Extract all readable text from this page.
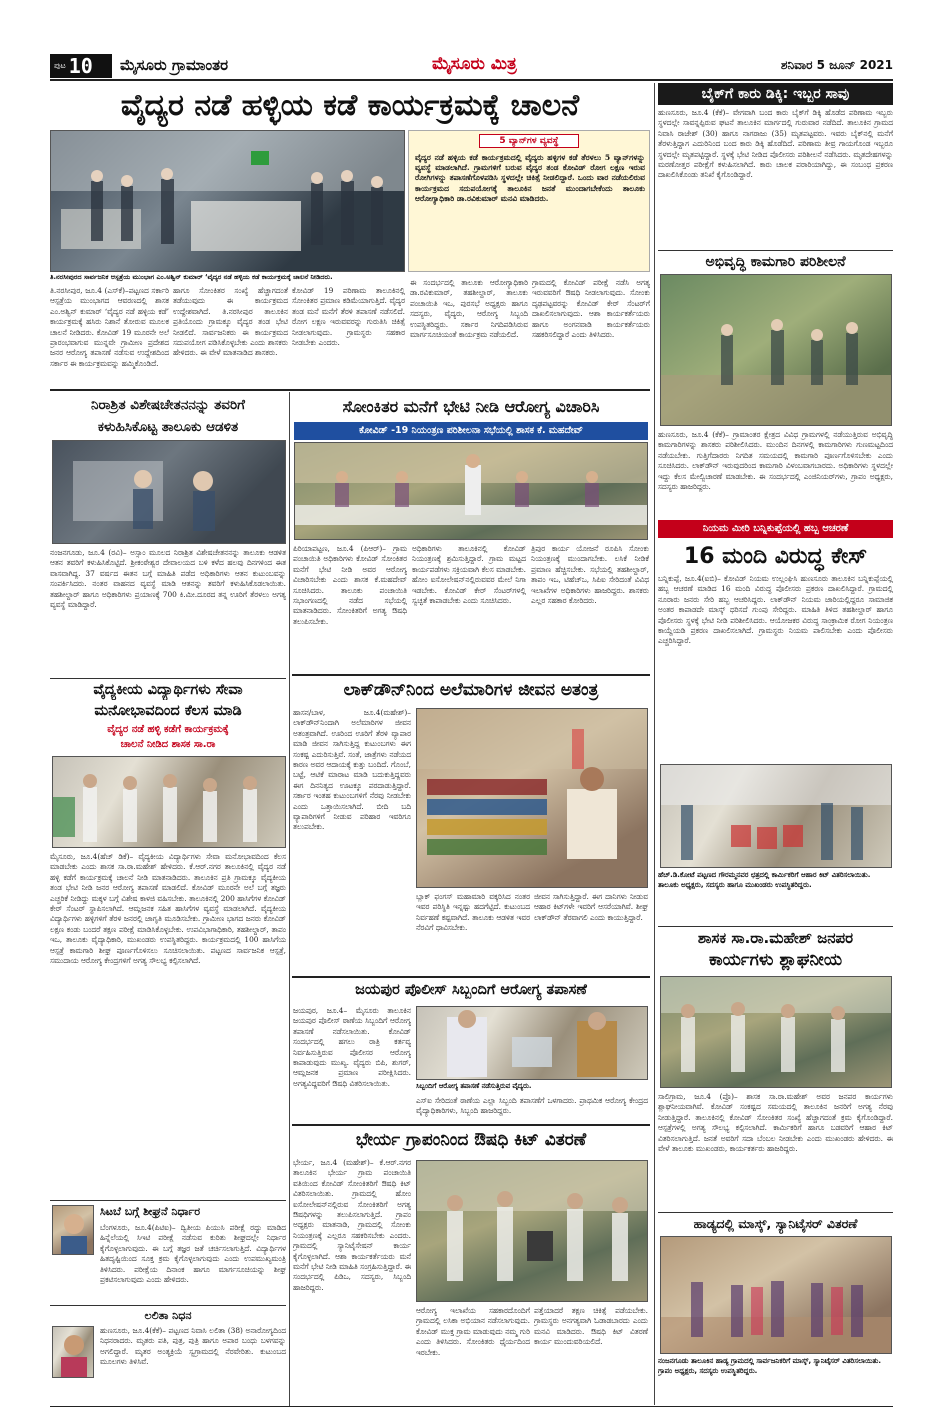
ಪುಟ 10 ಮೈಸೂರು ಗ್ರಾಮಾಂತರ	ಮೈಸೂರು ಮಿತ್ರ	ಶನಿವಾರ 5 ಜೂನ್ 2021
ವೈದ್ಯರ ನಡೆ ಹಳ್ಳಿಯ ಕಡೆ ಕಾರ್ಯಕ್ರಮಕ್ಕೆ ಚಾಲನೆ
5 ವ್ಯಾನ್‌ಗಳ ವ್ಯವಸ್ಥೆ
ವೈದ್ಯರ ನಡೆ ಹಳ್ಳಿಯ ಕಡೆ ಕಾರ್ಯಕ್ರಮದಲ್ಲಿ ವೈದ್ಯರು ಹಳ್ಳಿಗಳ ಕಡೆ ತೆರಳಲು 5 ವ್ಯಾನ್‌ಗಳನ್ನು ವ್ಯವಸ್ಥೆ ಮಾಡಲಾಗಿದೆ. ಗ್ರಾಮಗಳಿಗೆ ಬರುವ ವೈದ್ಯರ ತಂಡ ಕೋವಿಡ್ ರೋಗ ಲಕ್ಷಣ ಇರುವ ರೋಗಿಗಳನ್ನು ತಪಾಸಣೆಗೊಳಪಡಿಸಿ ಸ್ಥಳದಲ್ಲೇ ಚಿಕಿತ್ಸೆ ನೀಡಲಿದ್ದಾರೆ. ಒಂದು ವಾರ ನಡೆಯಲಿರುವ ಕಾರ್ಯಕ್ರಮದ ಸದುಪಯೋಗಕ್ಕೆ ತಾಲೂಕಿನ ಜನತೆ ಮುಂದಾಗಬೇಕೆಂದು ತಾಲೂಕು ಆರೋಗ್ಯಾಧಿಕಾರಿ ಡಾ.ರವಿಕುಮಾರ್ ಮನವಿ ಮಾಡಿದರು.
ತಿ.ನರಸೀಪುರದ ಸಾರ್ವಜನಿಕ ಆಸ್ಪತ್ರೆಯ ಮುಂಭಾಗ ಎಂ.ಅಶ್ವಿನ್ ಕುಮಾರ್ ‘ವೈದ್ಯರ ನಡೆ ಹಳ್ಳಿಯ ಕಡೆ ಕಾರ್ಯಕ್ರಮಕ್ಕೆ ಚಾಲನೆ ನೀಡಿದರು.
ತಿ.ನರಸೀಪುರ, ಜೂ.4 (ಎಸ್‌ಕೆ)–ಪಟ್ಟಣದ ಸರ್ಕಾರಿ ಆಸ್ಪತ್ರೆಯ ಮುಂಭಾಗದ ಆವರಣದಲ್ಲಿ ಶಾಸಕ ಎಂ.ಅಶ್ವಿನ್ ಕುಮಾರ್ ‘ವೈದ್ಯರ ನಡೆ ಹಳ್ಳಿಯ ಕಡೆ’ ಕಾರ್ಯಕ್ರಮಕ್ಕೆ ಹಸಿರು ನಿಶಾನೆ ತೋರುವ ಮೂಲಕ ಚಾಲನೆ ನೀಡಿದರು. ಕೋವಿಡ್ 19 ಮೂರನೇ ಅಲೆ ಪ್ರಾರಂಭವಾಗುವ ಮುನ್ನವೇ ಗ್ರಾಮೀಣ ಪ್ರದೇಶದ ಜನರ ಆರೋಗ್ಯ ತಪಾಸಣೆ ನಡೆಸುವ ಉದ್ದೇಶದಿಂದ ಸರ್ಕಾರ ಈ ಕಾರ್ಯಕ್ರಮವನ್ನು ಹಮ್ಮಿಕೊಂಡಿದೆ.
ಹಾಗೂ ಸೋಂಕಿತರ ಸಂಖ್ಯೆ ಹೆಚ್ಚಾಗದಂತೆ ತಡೆಯುವುದು ಈ ಕಾರ್ಯಕ್ರಮದ ಉದ್ದೇಶವಾಗಿದೆ. ತಿ.ನರಸೀಪುರ ತಾಲೂಕಿನ ಪ್ರತಿಯೊಂದು ಗ್ರಾಮಕ್ಕೂ ವೈದ್ಯರ ತಂಡ ಭೇಟಿ ನೀಡಲಿದೆ. ಸಾರ್ವಜನಿಕರು ಈ ಕಾರ್ಯಕ್ರಮದ ಸದುಪಯೋಗ ಪಡಿಸಿಕೊಳ್ಳಬೇಕು ಎಂದು ಶಾಸಕರು ಹೇಳಿದರು. ಈ ವೇಳೆ ಮಾತನಾಡಿದ ಶಾಸಕರು.
ಕೋವಿಡ್ 19 ಪರಿಣಾಮ ತಾಲೂಕಿನಲ್ಲಿ ಸೋಂಕಿತರ ಪ್ರಮಾಣ ಕಡಿಮೆಯಾಗುತ್ತಿದೆ. ವೈದ್ಯರ ತಂಡ ಮನೆ ಮನೆಗೆ ತೆರಳಿ ತಪಾಸಣೆ ನಡೆಸಲಿದೆ. ರೋಗ ಲಕ್ಷಣ ಇರುವವರನ್ನು ಗುರುತಿಸಿ ಚಿಕಿತ್ಸೆ ನೀಡಲಾಗುವುದು. ಗ್ರಾಮಸ್ಥರು ಸಹಕಾರ ನೀಡಬೇಕು ಎಂದರು.
ಈ ಸಂದರ್ಭದಲ್ಲಿ ತಾಲೂಕು ಆರೋಗ್ಯಾಧಿಕಾರಿ ಡಾ.ರವಿಕುಮಾರ್, ತಹಶೀಲ್ದಾರ್, ತಾಲೂಕು ಪಂಚಾಯಿತಿ ಇಒ, ಪುರಸಭೆ ಅಧ್ಯಕ್ಷರು ಹಾಗೂ ಸದಸ್ಯರು, ವೈದ್ಯರು, ಆರೋಗ್ಯ ಸಿಬ್ಬಂದಿ ಉಪಸ್ಥಿತರಿದ್ದರು. ಸರ್ಕಾರ ನಿಗದಿಪಡಿಸಿರುವ ಮಾರ್ಗಸೂಚಿಯಂತೆ ಕಾರ್ಯಕ್ರಮ ನಡೆಯಲಿದೆ.
ಗ್ರಾಮದಲ್ಲಿ ಕೋವಿಡ್ ಪರೀಕ್ಷೆ ನಡೆಸಿ ಅಗತ್ಯ ಇರುವವರಿಗೆ ಔಷಧಿ ನೀಡಲಾಗುವುದು. ಸೋಂಕು ದೃಢಪಟ್ಟವರನ್ನು ಕೋವಿಡ್ ಕೇರ್ ಸೆಂಟರ್‌ಗೆ ದಾಖಲಿಸಲಾಗುವುದು. ಆಶಾ ಕಾರ್ಯಕರ್ತೆಯರು ಹಾಗೂ ಅಂಗನವಾಡಿ ಕಾರ್ಯಕರ್ತೆಯರು ಸಹಕರಿಸಲಿದ್ದಾರೆ ಎಂದು ತಿಳಿಸಿದರು.
ಬೈಕ್‌ಗೆ ಕಾರು ಡಿಕ್ಕಿ: ಇಬ್ಬರ ಸಾವು
ಹುಣಸೂರು, ಜೂ.4 (ಕೆಕೆ)– ವೇಗವಾಗಿ ಬಂದ ಕಾರು ಬೈಕ್‌ಗೆ ಡಿಕ್ಕಿ ಹೊಡೆದ ಪರಿಣಾಮ ಇಬ್ಬರು ಸ್ಥಳದಲ್ಲೇ ಸಾವನ್ನಪ್ಪಿರುವ ಘಟನೆ ತಾಲೂಕಿನ ಮಾರ್ಗದಲ್ಲಿ ಗುರುವಾರ ನಡೆದಿದೆ. ತಾಲೂಕಿನ ಗ್ರಾಮದ ನಿವಾಸಿ ರಾಜೇಶ್ (30) ಹಾಗೂ ನಾಗರಾಜು (35) ಮೃತಪಟ್ಟವರು. ಇವರು ಬೈಕ್‌ನಲ್ಲಿ ಮನೆಗೆ ತೆರಳುತ್ತಿದ್ದಾಗ ಎದುರಿನಿಂದ ಬಂದ ಕಾರು ಡಿಕ್ಕಿ ಹೊಡೆದಿದೆ. ಪರಿಣಾಮ ತೀವ್ರ ಗಾಯಗೊಂಡ ಇಬ್ಬರೂ ಸ್ಥಳದಲ್ಲೇ ಮೃತಪಟ್ಟಿದ್ದಾರೆ. ಸ್ಥಳಕ್ಕೆ ಭೇಟಿ ನೀಡಿದ ಪೊಲೀಸರು ಪರಿಶೀಲನೆ ನಡೆಸಿದರು. ಮೃತದೇಹಗಳನ್ನು ಮರಣೋತ್ತರ ಪರೀಕ್ಷೆಗೆ ಕಳುಹಿಸಲಾಗಿದೆ. ಕಾರು ಚಾಲಕ ಪರಾರಿಯಾಗಿದ್ದು, ಈ ಸಂಬಂಧ ಪ್ರಕರಣ ದಾಖಲಿಸಿಕೊಂಡು ತನಿಖೆ ಕೈಗೊಂಡಿದ್ದಾರೆ.
ಅಭಿವೃದ್ಧಿ ಕಾಮಗಾರಿ ಪರಿಶೀಲನೆ
ಹುಣಸೂರು, ಜೂ.4 (ಕೆಕೆ)– ಗ್ರಾಮಾಂತರ ಕ್ಷೇತ್ರದ ವಿವಿಧ ಗ್ರಾಮಗಳಲ್ಲಿ ನಡೆಯುತ್ತಿರುವ ಅಭಿವೃದ್ಧಿ ಕಾಮಗಾರಿಗಳನ್ನು ಶಾಸಕರು ಪರಿಶೀಲಿಸಿದರು. ಮುಂದಿನ ದಿನಗಳಲ್ಲಿ ಕಾಮಗಾರಿಗಳು ಗುಣಮಟ್ಟದಿಂದ ನಡೆಯಬೇಕು. ಗುತ್ತಿಗೆದಾರರು ನಿಗದಿತ ಸಮಯದಲ್ಲಿ ಕಾಮಗಾರಿ ಪೂರ್ಣಗೊಳಿಸಬೇಕು ಎಂದು ಸೂಚಿಸಿದರು. ಲಾಕ್‌ಡೌನ್ ಇರುವುದರಿಂದ ಕಾಮಗಾರಿ ವಿಳಂಬವಾಗಬಾರದು. ಅಧಿಕಾರಿಗಳು ಸ್ಥಳದಲ್ಲೇ ಇದ್ದು ಕೆಲಸ ಮೇಲ್ವಿಚಾರಣೆ ಮಾಡಬೇಕು. ಈ ಸಂದರ್ಭದಲ್ಲಿ ಎಂಜಿನಿಯರ್‌ಗಳು, ಗ್ರಾಪಂ ಅಧ್ಯಕ್ಷರು, ಸದಸ್ಯರು ಹಾಜರಿದ್ದರು.
ನಿಯಮ ಮೀರಿ ಬನ್ನಿಕುಪ್ಪೆಯಲ್ಲಿ ಹಬ್ಬ ಆಚರಣೆ
16 ಮಂದಿ ವಿರುದ್ಧ ಕೇಸ್
ಬನ್ನಿಕುಪ್ಪೆ, ಜೂ.4(ಐಬಿ)– ಕೋವಿಡ್ ನಿಯಮ ಉಲ್ಲಂಘಿಸಿ ಹುಣಸೂರು ತಾಲೂಕಿನ ಬನ್ನಿಕುಪ್ಪೆಯಲ್ಲಿ ಹಬ್ಬ ಆಚರಣೆ ಮಾಡಿದ 16 ಮಂದಿ ವಿರುದ್ಧ ಪೊಲೀಸರು ಪ್ರಕರಣ ದಾಖಲಿಸಿದ್ದಾರೆ. ಗ್ರಾಮದಲ್ಲಿ ನೂರಾರು ಜನರು ಸೇರಿ ಹಬ್ಬ ಆಚರಿಸಿದ್ದರು. ಲಾಕ್‌ಡೌನ್ ನಿಯಮ ಜಾರಿಯಲ್ಲಿದ್ದರೂ ಸಾಮಾಜಿಕ ಅಂತರ ಕಾಪಾಡದೇ ಮಾಸ್ಕ್ ಧರಿಸದೆ ಗುಂಪು ಸೇರಿದ್ದರು. ಮಾಹಿತಿ ತಿಳಿದ ತಹಶೀಲ್ದಾರ್ ಹಾಗೂ ಪೊಲೀಸರು ಸ್ಥಳಕ್ಕೆ ಭೇಟಿ ನೀಡಿ ಪರಿಶೀಲಿಸಿದರು. ಆಯೋಜಕರ ವಿರುದ್ಧ ಸಾಂಕ್ರಾಮಿಕ ರೋಗ ನಿಯಂತ್ರಣ ಕಾಯ್ದೆಯಡಿ ಪ್ರಕರಣ ದಾಖಲಿಸಲಾಗಿದೆ. ಗ್ರಾಮಸ್ಥರು ನಿಯಮ ಪಾಲಿಸಬೇಕು ಎಂದು ಪೊಲೀಸರು ಎಚ್ಚರಿಸಿದ್ದಾರೆ.
ಹೆಚ್.ಡಿ.ಕೋಟೆ ಪಟ್ಟಣದ ಗೌರಮ್ಮನವರ ಛತ್ರದಲ್ಲಿ ಕಾರ್ಮಿಕರಿಗೆ ಆಹಾರ ಕಿಟ್ ವಿತರಿಸಲಾಯಿತು. ತಾಲೂಕು ಅಧ್ಯಕ್ಷರು, ಸದಸ್ಯರು ಹಾಗೂ ಮುಖಂಡರು ಉಪಸ್ಥಿತರಿದ್ದರು.
ಶಾಸಕ ಸಾ.ರಾ.ಮಹೇಶ್ ಜನಪರ
ಕಾರ್ಯಗಳು ಶ್ಲಾಘನೀಯ
ಸಾಲಿಗ್ರಾಮ, ಜೂ.4 (ಪ್ರೊ)– ಶಾಸಕ ಸಾ.ರಾ.ಮಹೇಶ್ ಅವರ ಜನಪರ ಕಾರ್ಯಗಳು ಶ್ಲಾಘನೀಯವಾಗಿವೆ. ಕೋವಿಡ್ ಸಂಕಷ್ಟದ ಸಮಯದಲ್ಲಿ ತಾಲೂಕಿನ ಜನರಿಗೆ ಅಗತ್ಯ ನೆರವು ನೀಡುತ್ತಿದ್ದಾರೆ. ತಾಲೂಕಿನಲ್ಲಿ ಕೋವಿಡ್ ಸೋಂಕಿತರ ಸಂಖ್ಯೆ ಹೆಚ್ಚಾಗದಂತೆ ಕ್ರಮ ಕೈಗೊಂಡಿದ್ದಾರೆ. ಆಸ್ಪತ್ರೆಗಳಲ್ಲಿ ಅಗತ್ಯ ಸೌಲಭ್ಯ ಕಲ್ಪಿಸಲಾಗಿದೆ. ಕಾರ್ಮಿಕರಿಗೆ ಹಾಗೂ ಬಡವರಿಗೆ ಆಹಾರ ಕಿಟ್ ವಿತರಿಸಲಾಗುತ್ತಿದೆ. ಜನತೆ ಅವರಿಗೆ ಸದಾ ಬೆಂಬಲ ನೀಡಬೇಕು ಎಂದು ಮುಖಂಡರು ಹೇಳಿದರು. ಈ ವೇಳೆ ತಾಲೂಕು ಮುಖಂಡರು, ಕಾರ್ಯಕರ್ತರು ಹಾಜರಿದ್ದರು.
ಹಾಡ್ಯದಲ್ಲಿ ಮಾಸ್ಕ್, ಸ್ಯಾನಿಟೈಸರ್ ವಿತರಣೆ
ನಂಜನಗೂಡು ತಾಲೂಕಿನ ಹಾಡ್ಯ ಗ್ರಾಮದಲ್ಲಿ ಸಾರ್ವಜನಿಕರಿಗೆ ಮಾಸ್ಕ್, ಸ್ಯಾನಿಟೈಸರ್ ವಿತರಿಸಲಾಯಿತು. ಗ್ರಾಪಂ ಅಧ್ಯಕ್ಷರು, ಸದಸ್ಯರು ಉಪಸ್ಥಿತರಿದ್ದರು.
ನಿರಾಶ್ರಿತ ವಿಶೇಷಚೇತನನನ್ನು ತವರಿಗೆ
ಕಳುಹಿಸಿಕೊಟ್ಟ ತಾಲೂಕು ಆಡಳಿತ
ನಂಜನಗೂಡು, ಜೂ.4 (ರವಿ)– ಅಸ್ಸಾಂ ಮೂಲದ ನಿರಾಶ್ರಿತ ವಿಶೇಷಚೇತನನನ್ನು ತಾಲೂಕು ಆಡಳಿತ ಆತನ ತವರಿಗೆ ಕಳುಹಿಸಿಕೊಟ್ಟಿದೆ. ಶ್ರೀಕಂಠೇಶ್ವರ ದೇವಾಲಯದ ಬಳಿ ಕಳೆದ ಹಲವು ದಿನಗಳಿಂದ ಈತ ವಾಸವಾಗಿದ್ದ. 37 ವರ್ಷದ ಈತನ ಬಗ್ಗೆ ಮಾಹಿತಿ ಪಡೆದ ಅಧಿಕಾರಿಗಳು ಆತನ ಕುಟುಂಬವನ್ನು ಸಂಪರ್ಕಿಸಿದರು. ನಂತರ ವಾಹನದ ವ್ಯವಸ್ಥೆ ಮಾಡಿ ಆತನನ್ನು ತವರಿಗೆ ಕಳುಹಿಸಿಕೊಡಲಾಯಿತು. ತಹಶೀಲ್ದಾರ್ ಹಾಗೂ ಅಧಿಕಾರಿಗಳು ಪ್ರಯಾಣಕ್ಕೆ 700 ಕಿ.ಮೀ.ದೂರದ ತನ್ನ ಊರಿಗೆ ತೆರಳಲು ಅಗತ್ಯ ವ್ಯವಸ್ಥೆ ಮಾಡಿದ್ದಾರೆ.
ವೈದ್ಯಕೀಯ ವಿದ್ಯಾರ್ಥಿಗಳು ಸೇವಾ
ಮನೋಭಾವದಿಂದ ಕೆಲಸ ಮಾಡಿ
ವೈದ್ಯರ ನಡೆ ಹಳ್ಳಿ ಕಡೆಗೆ ಕಾರ್ಯಕ್ರಮಕ್ಕೆ
ಚಾಲನೆ ನೀಡಿದ ಶಾಸಕ ಸಾ.ರಾ
ಮೈಸೂರು, ಜೂ.4(ಹೆಚ್ ಡಿಕೆ)– ವೈದ್ಯಕೀಯ ವಿದ್ಯಾರ್ಥಿಗಳು ಸೇವಾ ಮನೋಭಾವದಿಂದ ಕೆಲಸ ಮಾಡಬೇಕು ಎಂದು ಶಾಸಕ ಸಾ.ರಾ.ಮಹೇಶ್ ಹೇಳಿದರು. ಕೆ.ಆರ್.ನಗರ ತಾಲೂಕಿನಲ್ಲಿ ವೈದ್ಯರ ನಡೆ ಹಳ್ಳಿ ಕಡೆಗೆ ಕಾರ್ಯಕ್ರಮಕ್ಕೆ ಚಾಲನೆ ನೀಡಿ ಮಾತನಾಡಿದರು. ತಾಲೂಕಿನ ಪ್ರತಿ ಗ್ರಾಮಕ್ಕೂ ವೈದ್ಯಕೀಯ ತಂಡ ಭೇಟಿ ನೀಡಿ ಜನರ ಆರೋಗ್ಯ ತಪಾಸಣೆ ಮಾಡಲಿದೆ. ಕೋವಿಡ್ ಮೂರನೇ ಅಲೆ ಬಗ್ಗೆ ತಜ್ಞರು ಎಚ್ಚರಿಕೆ ನೀಡಿದ್ದು ಮಕ್ಕಳ ಬಗ್ಗೆ ವಿಶೇಷ ಕಾಳಜಿ ವಹಿಸಬೇಕು. ತಾಲೂಕಿನಲ್ಲಿ 200 ಹಾಸಿಗೆಗಳ ಕೋವಿಡ್ ಕೇರ್ ಸೆಂಟರ್ ಸ್ಥಾಪಿಸಲಾಗಿದೆ. ಆಮ್ಲಜನಕ ಸಹಿತ ಹಾಸಿಗೆಗಳ ವ್ಯವಸ್ಥೆ ಮಾಡಲಾಗಿದೆ. ವೈದ್ಯಕೀಯ ವಿದ್ಯಾರ್ಥಿಗಳು ಹಳ್ಳಿಗಳಿಗೆ ತೆರಳಿ ಜನರಲ್ಲಿ ಜಾಗೃತಿ ಮೂಡಿಸಬೇಕು. ಗ್ರಾಮೀಣ ಭಾಗದ ಜನರು ಕೋವಿಡ್ ಲಕ್ಷಣ ಕಂಡು ಬಂದರೆ ತಕ್ಷಣ ಪರೀಕ್ಷೆ ಮಾಡಿಸಿಕೊಳ್ಳಬೇಕು. ಉಪವಿಭಾಗಾಧಿಕಾರಿ, ತಹಶೀಲ್ದಾರ್, ತಾಪಂ ಇಒ, ತಾಲೂಕು ವೈದ್ಯಾಧಿಕಾರಿ, ಮುಖಂಡರು ಉಪಸ್ಥಿತರಿದ್ದರು. ಕಾರ್ಯಕ್ರಮದಲ್ಲಿ 100 ಹಾಸಿಗೆಯ ಆಸ್ಪತ್ರೆ ಕಾಮಗಾರಿ ಶೀಘ್ರ ಪೂರ್ಣಗೊಳಿಸಲು ಸೂಚಿಸಲಾಯಿತು. ಪಟ್ಟಣದ ಸಾರ್ವಜನಿಕ ಆಸ್ಪತ್ರೆ, ಸಮುದಾಯ ಆರೋಗ್ಯ ಕೇಂದ್ರಗಳಿಗೆ ಅಗತ್ಯ ಸೌಲಭ್ಯ ಕಲ್ಪಿಸಲಾಗಿದೆ.
ಸಿಟಬೆ ಬಗ್ಗೆ ಶೀಘ್ರನೆ ನಿರ್ಧಾರ
ಬೆಂಗಳೂರು, ಜೂ.4(ಪಿಟಿಐ)– ದ್ವಿತೀಯ ಪಿಯುಸಿ ಪರೀಕ್ಷೆ ರದ್ದು ಮಾಡಿದ ಹಿನ್ನೆಲೆಯಲ್ಲಿ ಸಿಇಟಿ ಪರೀಕ್ಷೆ ನಡೆಸುವ ಕುರಿತು ಶೀಘ್ರದಲ್ಲೇ ನಿರ್ಧಾರ ಕೈಗೊಳ್ಳಲಾಗುವುದು. ಈ ಬಗ್ಗೆ ತಜ್ಞರ ಜತೆ ಚರ್ಚಿಸಲಾಗುತ್ತಿದೆ. ವಿದ್ಯಾರ್ಥಿಗಳ ಹಿತದೃಷ್ಟಿಯಿಂದ ಸೂಕ್ತ ಕ್ರಮ ಕೈಗೊಳ್ಳಲಾಗುವುದು ಎಂದು ಉಪಮುಖ್ಯಮಂತ್ರಿ ತಿಳಿಸಿದರು. ಪರೀಕ್ಷೆಯ ದಿನಾಂಕ ಹಾಗೂ ಮಾರ್ಗಸೂಚಿಯನ್ನು ಶೀಘ್ರ ಪ್ರಕಟಿಸಲಾಗುವುದು ಎಂದು ಹೇಳಿದರು.
ಲಲಿತಾ ನಿಧನ
ಹುಣಸೂರು, ಜೂ.4(ಕೆಕೆ)– ಪಟ್ಟಣದ ನಿವಾಸಿ ಲಲಿತಾ (38) ಅನಾರೋಗ್ಯದಿಂದ ನಿಧನರಾದರು. ಮೃತರು ಪತಿ, ಪುತ್ರ, ಪುತ್ರಿ ಹಾಗೂ ಅಪಾರ ಬಂಧು ಬಳಗವನ್ನು ಅಗಲಿದ್ದಾರೆ. ಮೃತರ ಅಂತ್ಯಕ್ರಿಯೆ ಸ್ವಗ್ರಾಮದಲ್ಲಿ ನೆರವೇರಿತು. ಕುಟುಂಬದ ಮೂಲಗಳು ತಿಳಿಸಿವೆ.
ಸೋಂಕಿತರ ಮನೆಗೆ ಭೇಟಿ ನೀಡಿ ಆರೋಗ್ಯ ವಿಚಾರಿಸಿ
ಕೋವಿಡ್ -19 ನಿಯಂತ್ರಣ ಪರಿಶೀಲನಾ ಸಭೆಯಲ್ಲಿ ಶಾಸಕ ಕೆ. ಮಹದೇವ್
ಪಿರಿಯಾಪಟ್ಟಣ, ಜೂ.4 (ಪಿಆರ್)– ಗ್ರಾಮ ಪಂಚಾಯಿತಿ ಅಧಿಕಾರಿಗಳು ಕೋವಿಡ್ ಸೋಂಕಿತರ ಮನೆಗೆ ಭೇಟಿ ನೀಡಿ ಅವರ ಆರೋಗ್ಯ ವಿಚಾರಿಸಬೇಕು ಎಂದು ಶಾಸಕ ಕೆ.ಮಹದೇವ್ ಸೂಚಿಸಿದರು. ತಾಲೂಕು ಪಂಚಾಯಿತಿ ಸಭಾಂಗಣದಲ್ಲಿ ನಡೆದ ಸಭೆಯಲ್ಲಿ ಮಾತನಾಡಿದರು. ಸೋಂಕಿತರಿಗೆ ಅಗತ್ಯ ಔಷಧಿ ತಲುಪಿಸಬೇಕು.
ಅಧಿಕಾರಿಗಳು ತಾಲೂಕಿನಲ್ಲಿ ಕೋವಿಡ್ ನಿಯಂತ್ರಣಕ್ಕೆ ಶ್ರಮಿಸುತ್ತಿದ್ದಾರೆ. ಗ್ರಾಮ ಮಟ್ಟದ ಕಾರ್ಯಪಡೆಗಳು ಸಕ್ರಿಯವಾಗಿ ಕೆಲಸ ಮಾಡಬೇಕು. ಹೋಂ ಐಸೋಲೇಷನ್‌ನಲ್ಲಿರುವವರ ಮೇಲೆ ನಿಗಾ ಇಡಬೇಕು. ಕೋವಿಡ್ ಕೇರ್ ಸೆಂಟರ್‌ಗಳಲ್ಲಿ ಸ್ವಚ್ಛತೆ ಕಾಪಾಡಬೇಕು ಎಂದು ಸೂಚಿಸಿದರು.
ತ್ರಿಪುರ ಕಾರ್ಯ ಯೋಜನೆ ರೂಪಿಸಿ ಸೋಂಕು ನಿಯಂತ್ರಣಕ್ಕೆ ಮುಂದಾಗಬೇಕು. ಲಸಿಕೆ ನೀಡಿಕೆ ಪ್ರಮಾಣ ಹೆಚ್ಚಿಸಬೇಕು. ಸಭೆಯಲ್ಲಿ ತಹಶೀಲ್ದಾರ್, ತಾಪಂ ಇಒ, ಟಿಹೆಚ್‌ಒ, ಸಿಪಿಐ ಸೇರಿದಂತೆ ವಿವಿಧ ಇಲಾಖೆಗಳ ಅಧಿಕಾರಿಗಳು ಹಾಜರಿದ್ದರು. ಶಾಸಕರು ಎಲ್ಲರ ಸಹಕಾರ ಕೋರಿದರು.
ಲಾಕ್‌ಡೌನ್‌ನಿಂದ ಅಲೆಮಾರಿಗಳ ಜೀವನ ಅತಂತ್ರ
ಹಾಸನ/ಬಾಳ, ಜೂ.4(ಮಹೇಶ್)– ಲಾಕ್‌ಡೌನ್‌ನಿಂದಾಗಿ ಅಲೆಮಾರಿಗಳ ಜೀವನ ಅತಂತ್ರವಾಗಿದೆ. ಊರಿಂದ ಊರಿಗೆ ತೆರಳಿ ವ್ಯಾಪಾರ ಮಾಡಿ ಜೀವನ ಸಾಗಿಸುತ್ತಿದ್ದ ಕುಟುಂಬಗಳು ಈಗ ಸಂಕಷ್ಟ ಎದುರಿಸುತ್ತಿವೆ. ಸಂತೆ, ಜಾತ್ರೆಗಳು ನಡೆಯದ ಕಾರಣ ಅವರ ಆದಾಯಕ್ಕೆ ಕುತ್ತು ಬಂದಿದೆ. ಗೊಂಬೆ, ಬಟ್ಟೆ, ಆಟಿಕೆ ಮಾರಾಟ ಮಾಡಿ ಬದುಕುತ್ತಿದ್ದವರು ಈಗ ದಿನನಿತ್ಯದ ಊಟಕ್ಕೂ ಪರದಾಡುತ್ತಿದ್ದಾರೆ. ಸರ್ಕಾರ ಇಂತಹ ಕುಟುಂಬಗಳಿಗೆ ನೆರವು ನೀಡಬೇಕು ಎಂದು ಒತ್ತಾಯಿಸಲಾಗಿದೆ. ಬೀದಿ ಬದಿ ವ್ಯಾಪಾರಿಗಳಿಗೆ ನೀಡುವ ಪರಿಹಾರ ಇವರಿಗೂ ತಲುಪಬೇಕು.
ಬ್ಲಾಕ್ ಫಂಗಸ್ ಮಹಾಮಾರಿ ವಕ್ಕರಿಸಿದ ನಂತರ ಇವರ ಪರಿಸ್ಥಿತಿ ಇನ್ನಷ್ಟು ಹದಗೆಟ್ಟಿದೆ. ಕುಟುಂಬದ ನಿರ್ವಹಣೆ ಕಷ್ಟವಾಗಿದೆ. ತಾಲೂಕು ಆಡಳಿತ ಇವರ ನೆರವಿಗೆ ಧಾವಿಸಬೇಕು.
ಜೀವನ ಸಾಗಿಸುತ್ತಿದ್ದಾರೆ. ಈಗ ದಾನಿಗಳು ನೀಡುವ ಆಹಾರ ಕಿಟ್‌ಗಳೇ ಇವರಿಗೆ ಆಸರೆಯಾಗಿವೆ. ಶೀಘ್ರ ಲಾಕ್‌ಡೌನ್ ತೆರವಾಗಲಿ ಎಂದು ಕಾಯುತ್ತಿದ್ದಾರೆ.
ಜಯಪುರ ಪೊಲೀಸ್ ಸಿಬ್ಬಂದಿಗೆ ಆರೋಗ್ಯ ತಪಾಸಣೆ
ಜಯಪುರ, ಜೂ.4– ಮೈಸೂರು ತಾಲೂಕಿನ ಜಯಪುರ ಪೊಲೀಸ್ ಠಾಣೆಯ ಸಿಬ್ಬಂದಿಗೆ ಆರೋಗ್ಯ ತಪಾಸಣೆ ನಡೆಸಲಾಯಿತು. ಕೋವಿಡ್ ಸಂದರ್ಭದಲ್ಲಿ ಹಗಲು ರಾತ್ರಿ ಕರ್ತವ್ಯ ನಿರ್ವಹಿಸುತ್ತಿರುವ ಪೊಲೀಸರ ಆರೋಗ್ಯ ಕಾಪಾಡುವುದು ಮುಖ್ಯ. ವೈದ್ಯರು ಬಿಪಿ, ಶುಗರ್, ಆಮ್ಲಜನಕ ಪ್ರಮಾಣ ಪರೀಕ್ಷಿಸಿದರು. ಅಗತ್ಯವಿದ್ದವರಿಗೆ ಔಷಧಿ ವಿತರಿಸಲಾಯಿತು.	ಸಿಬ್ಬಂದಿಗೆ ಆರೋಗ್ಯ ತಪಾಸಣೆ ನಡೆಸುತ್ತಿರುವ ವೈದ್ಯರು.
ಎಸ್‌ಐ ಸೇರಿದಂತೆ ಠಾಣೆಯ ಎಲ್ಲಾ ಸಿಬ್ಬಂದಿ ತಪಾಸಣೆಗೆ ಒಳಗಾದರು. ಪ್ರಾಥಮಿಕ ಆರೋಗ್ಯ ಕೇಂದ್ರದ ವೈದ್ಯಾಧಿಕಾರಿಗಳು, ಸಿಬ್ಬಂದಿ ಹಾಜರಿದ್ದರು.
ಭೇರ್ಯ ಗ್ರಾಪಂನಿಂದ ಔಷಧಿ ಕಿಟ್ ವಿತರಣೆ
ಭೇರ್ಯ, ಜೂ.4 (ಮಹೇಶ್)– ಕೆ.ಆರ್.ನಗರ ತಾಲೂಕಿನ ಭೇರ್ಯ ಗ್ರಾಮ ಪಂಚಾಯಿತಿ ವತಿಯಿಂದ ಕೋವಿಡ್ ಸೋಂಕಿತರಿಗೆ ಔಷಧಿ ಕಿಟ್ ವಿತರಿಸಲಾಯಿತು. ಗ್ರಾಮದಲ್ಲಿ ಹೋಂ ಐಸೋಲೇಷನ್‌ನಲ್ಲಿರುವ ಸೋಂಕಿತರಿಗೆ ಅಗತ್ಯ ಔಷಧಿಗಳನ್ನು ತಲುಪಿಸಲಾಗುತ್ತಿದೆ. ಗ್ರಾಪಂ ಅಧ್ಯಕ್ಷರು ಮಾತನಾಡಿ, ಗ್ರಾಮದಲ್ಲಿ ಸೋಂಕು ನಿಯಂತ್ರಣಕ್ಕೆ ಎಲ್ಲರೂ ಸಹಕರಿಸಬೇಕು ಎಂದರು. ಗ್ರಾಮದಲ್ಲಿ ಸ್ಯಾನಿಟೈಸೇಷನ್ ಕಾರ್ಯ ಕೈಗೊಳ್ಳಲಾಗಿದೆ. ಆಶಾ ಕಾರ್ಯಕರ್ತೆಯರು ಮನೆ ಮನೆಗೆ ಭೇಟಿ ನೀಡಿ ಮಾಹಿತಿ ಸಂಗ್ರಹಿಸುತ್ತಿದ್ದಾರೆ. ಈ ಸಂದರ್ಭದಲ್ಲಿ ಪಿಡಿಒ, ಸದಸ್ಯರು, ಸಿಬ್ಬಂದಿ ಹಾಜರಿದ್ದರು.
ಆರೋಗ್ಯ ಇಲಾಖೆಯ ಸಹಕಾರದೊಂದಿಗೆ ಗ್ರಾಮದಲ್ಲಿ ಲಸಿಕಾ ಅಭಿಯಾನ ನಡೆಸಲಾಗುವುದು. ಕೋವಿಡ್ ಮುಕ್ತ ಗ್ರಾಮ ಮಾಡುವುದು ನಮ್ಮ ಗುರಿ ಎಂದು ತಿಳಿಸಿದರು. ಸೋಂಕಿತರು ಧೈರ್ಯದಿಂದ ಇರಬೇಕು.
ಪತ್ತೆಯಾದರೆ ತಕ್ಷಣ ಚಿಕಿತ್ಸೆ ಪಡೆಯಬೇಕು. ಗ್ರಾಮಸ್ಥರು ಅನಗತ್ಯವಾಗಿ ಓಡಾಡಬಾರದು ಎಂದು ಮನವಿ ಮಾಡಿದರು. ಔಷಧಿ ಕಿಟ್ ವಿತರಣೆ ಕಾರ್ಯ ಮುಂದುವರಿಯಲಿದೆ.
